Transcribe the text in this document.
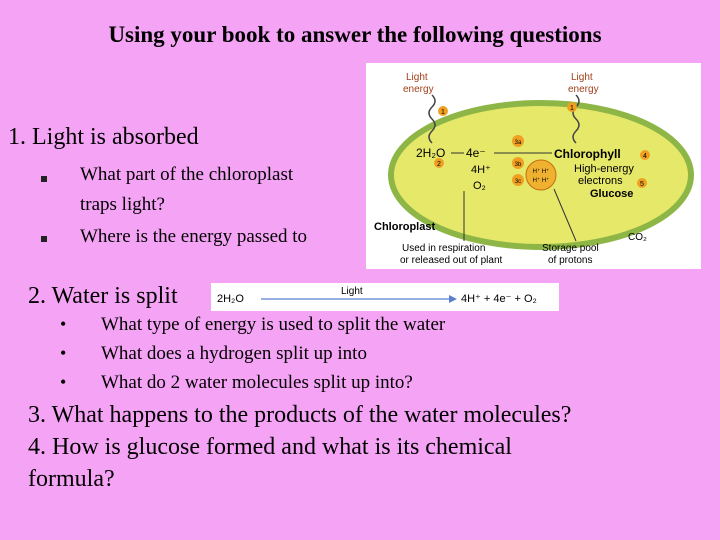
Using your book to answer the following questions
1. Light is absorbed
What part of the chloroplast
traps light?
Where is the energy passed to
Light
energy
Light
energy
1
1
2
3a
3b
3c
4
5
2H₂O 4e⁻
4H⁺
O₂
H⁺ H⁺
H⁺ H⁺
Chlorophyll
High-energy
electrons
Glucose
Chloroplast
CO₂
Used in respiration
or released out of plant
Storage pool
of protons
2. Water is split	2H₂O
Light
4H⁺ + 4e⁻ + O₂
• What type of energy is used to split the water
• What does a hydrogen split up into
• What do 2 water molecules split up into?
3. What happens to the products of the water molecules?
4. How is glucose formed and what is its chemical
formula?
